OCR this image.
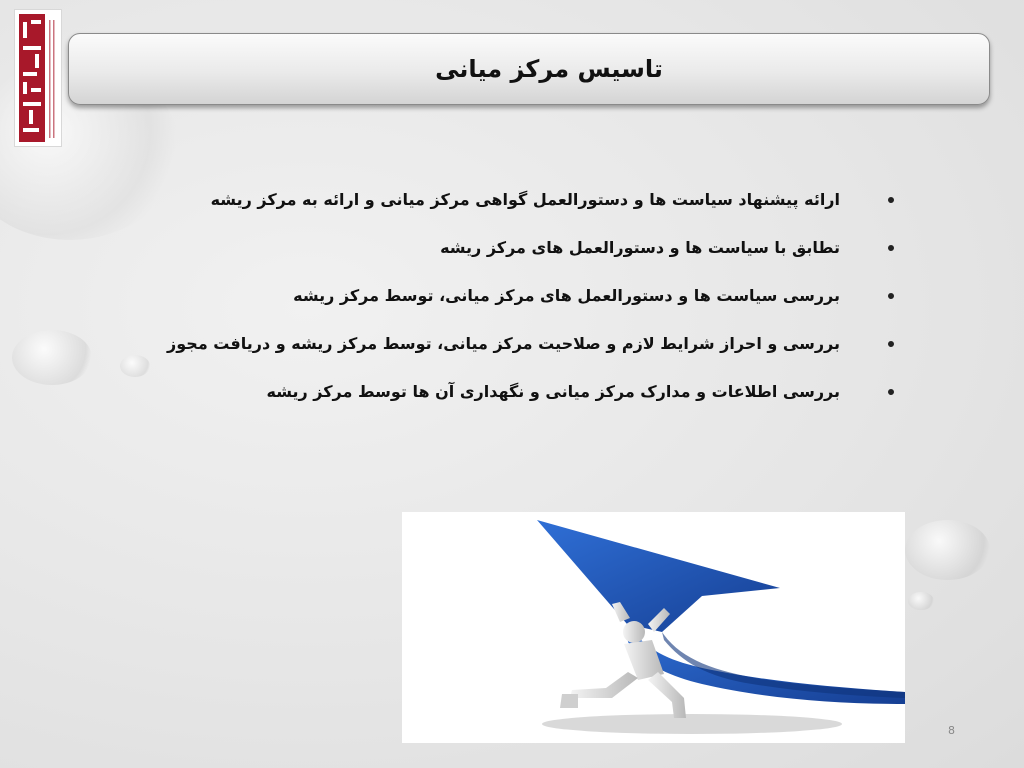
تاسیس مرکز میانی
ارائه پیشنهاد سیاست ها و دستورالعمل گواهی مرکز میانی و ارائه به مرکز ریشه
تطابق با سیاست ها و دستورالعمل های مرکز ریشه
بررسی سیاست ها و دستورالعمل های مرکز میانی، توسط مرکز ریشه
بررسی و احراز شرایط لازم و صلاحیت مرکز میانی، توسط مرکز ریشه و دریافت مجوز
بررسی اطلاعات و مدارک مرکز میانی و نگهداری آن ها توسط مرکز ریشه
8
